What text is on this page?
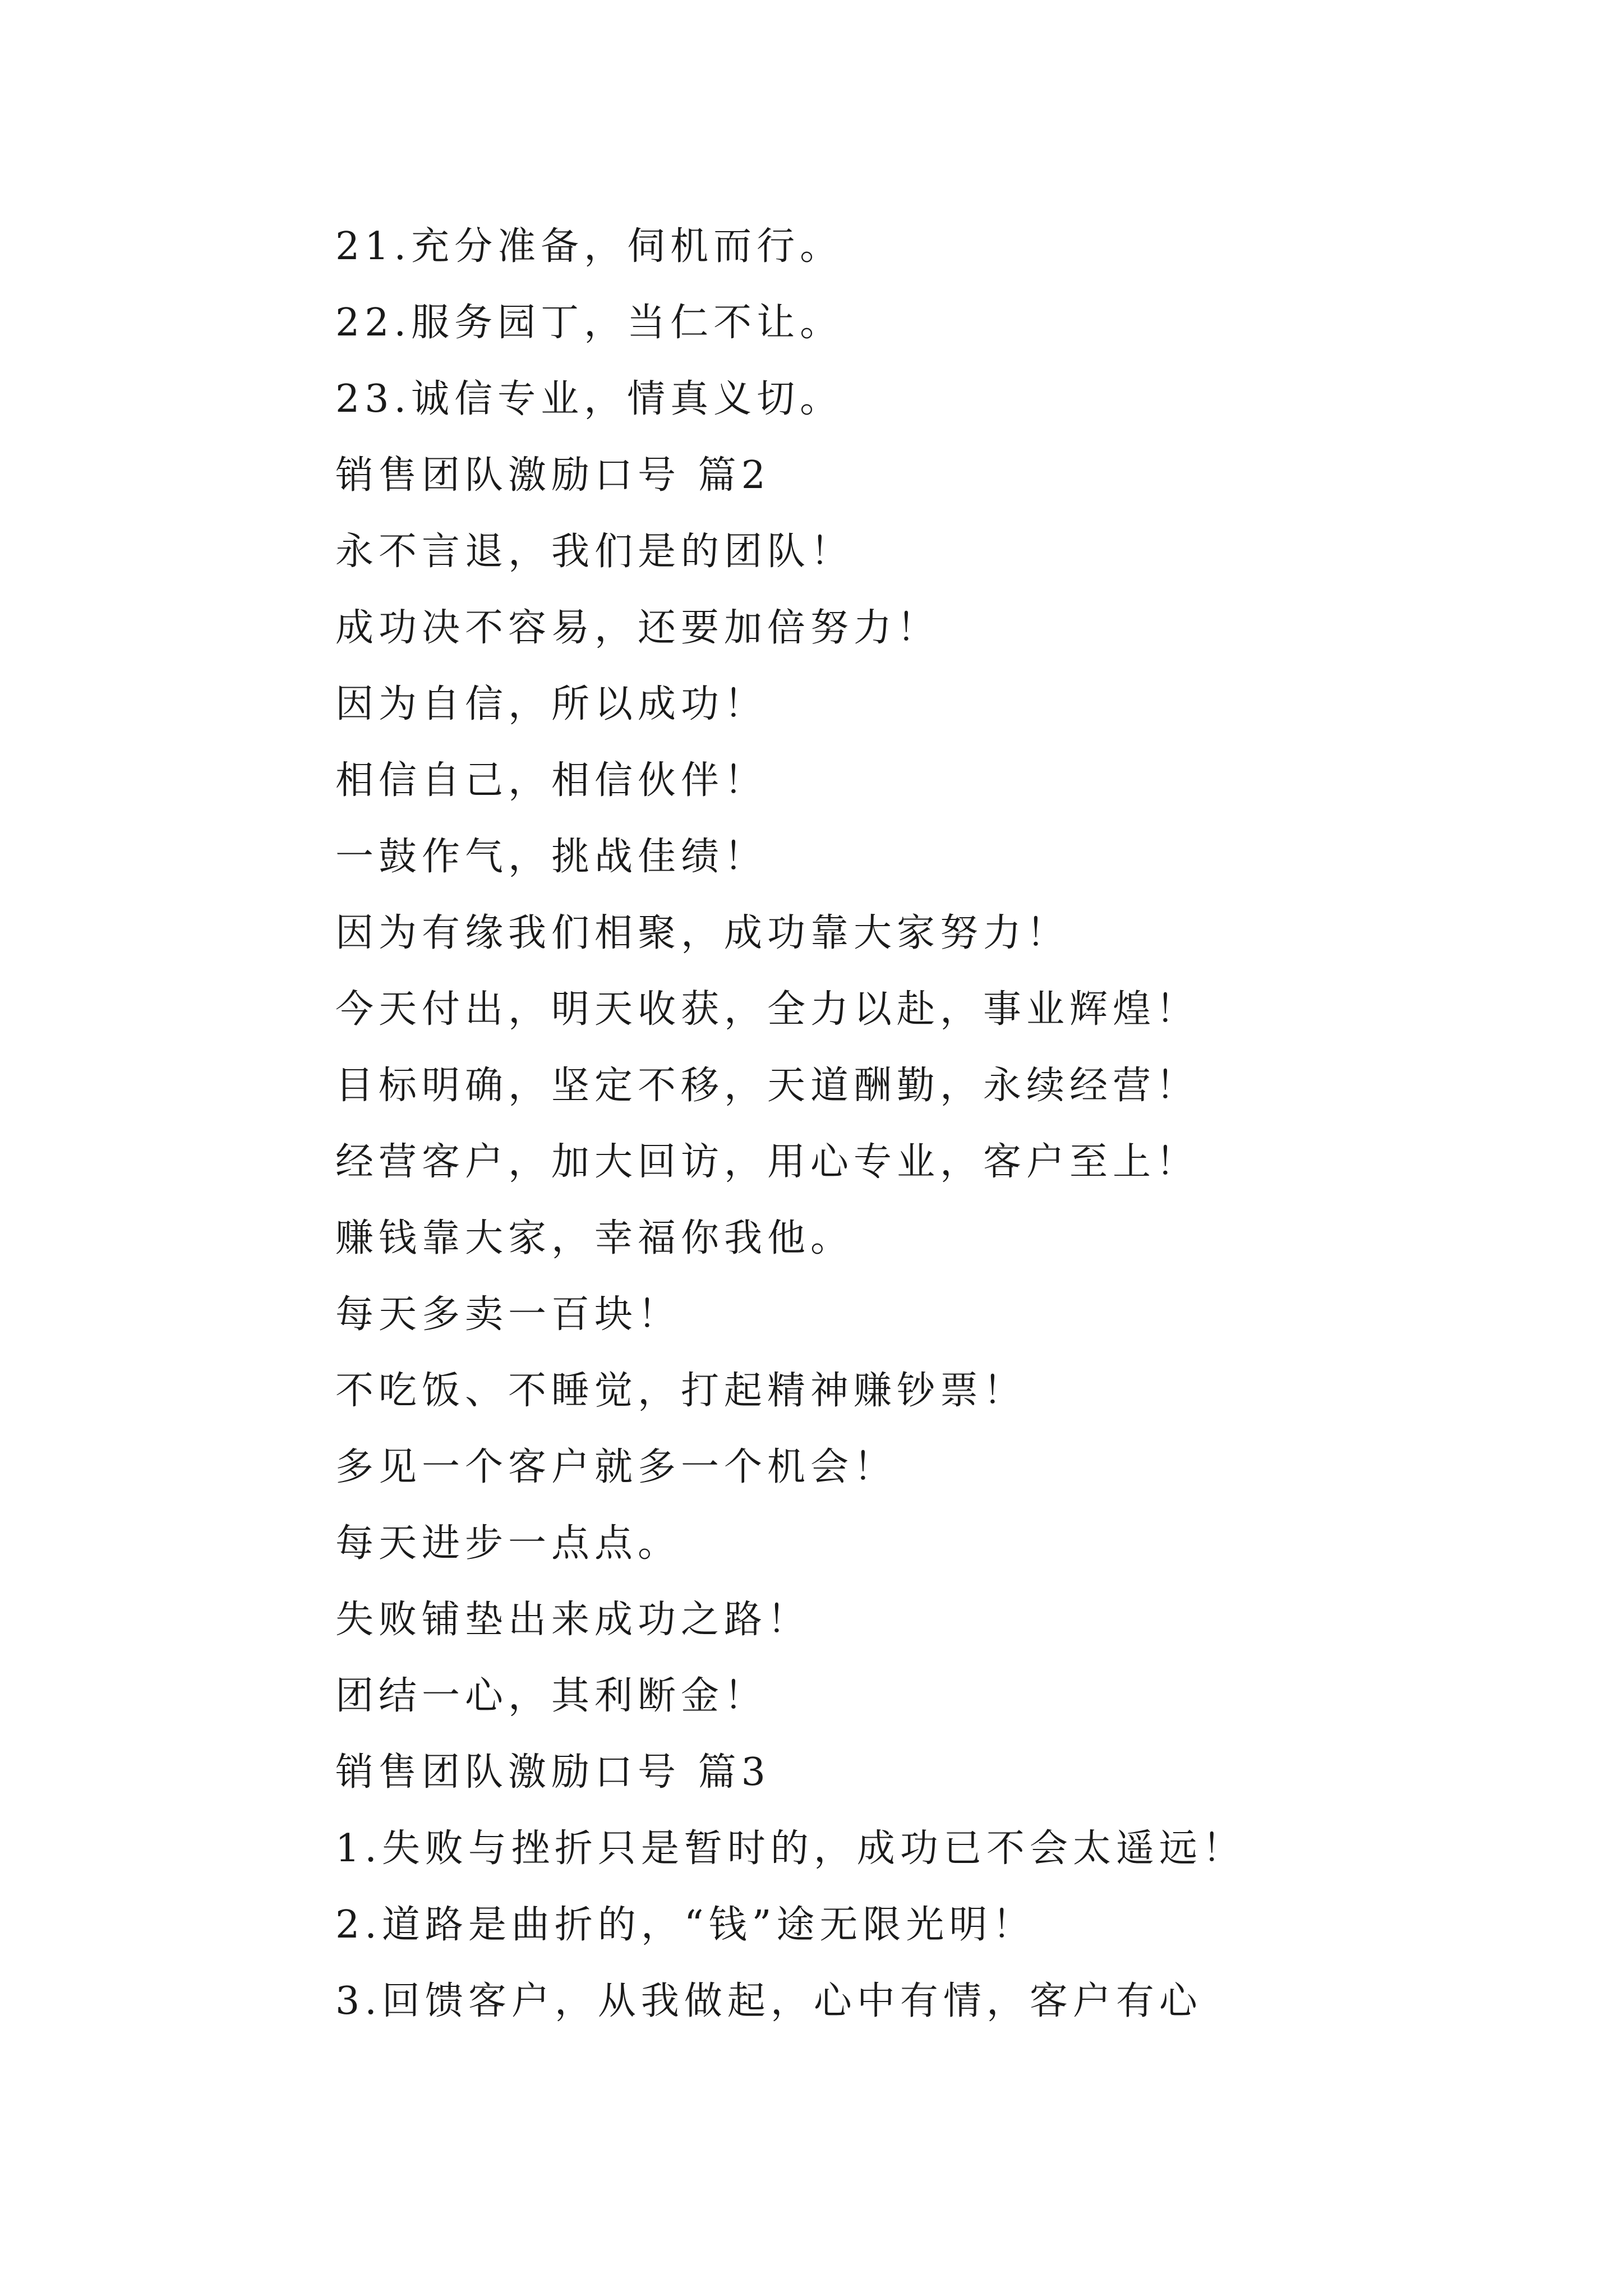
21.充分准备，伺机而行。

22.服务园丁，当仁不让。

23.诚信专业，情真义切。

销售团队激励口号 篇2

永不言退，我们是的团队！

成功决不容易，还要加倍努力！

因为自信，所以成功！

相信自己，相信伙伴！

一鼓作气，挑战佳绩！

因为有缘我们相聚，成功靠大家努力！

今天付出，明天收获，全力以赴，事业辉煌！

目标明确，坚定不移，天道酬勤，永续经营！

经营客户，加大回访，用心专业，客户至上！

赚钱靠大家，幸福你我他。

每天多卖一百块！

不吃饭、不睡觉，打起精神赚钞票！

多见一个客户就多一个机会！

每天进步一点点。

失败铺垫出来成功之路！

团结一心，其利断金！

销售团队激励口号 篇3

1.失败与挫折只是暂时的，成功已不会太遥远！

2.道路是曲折的，“钱”途无限光明！

3.回馈客户，从我做起，心中有情，客户有心
